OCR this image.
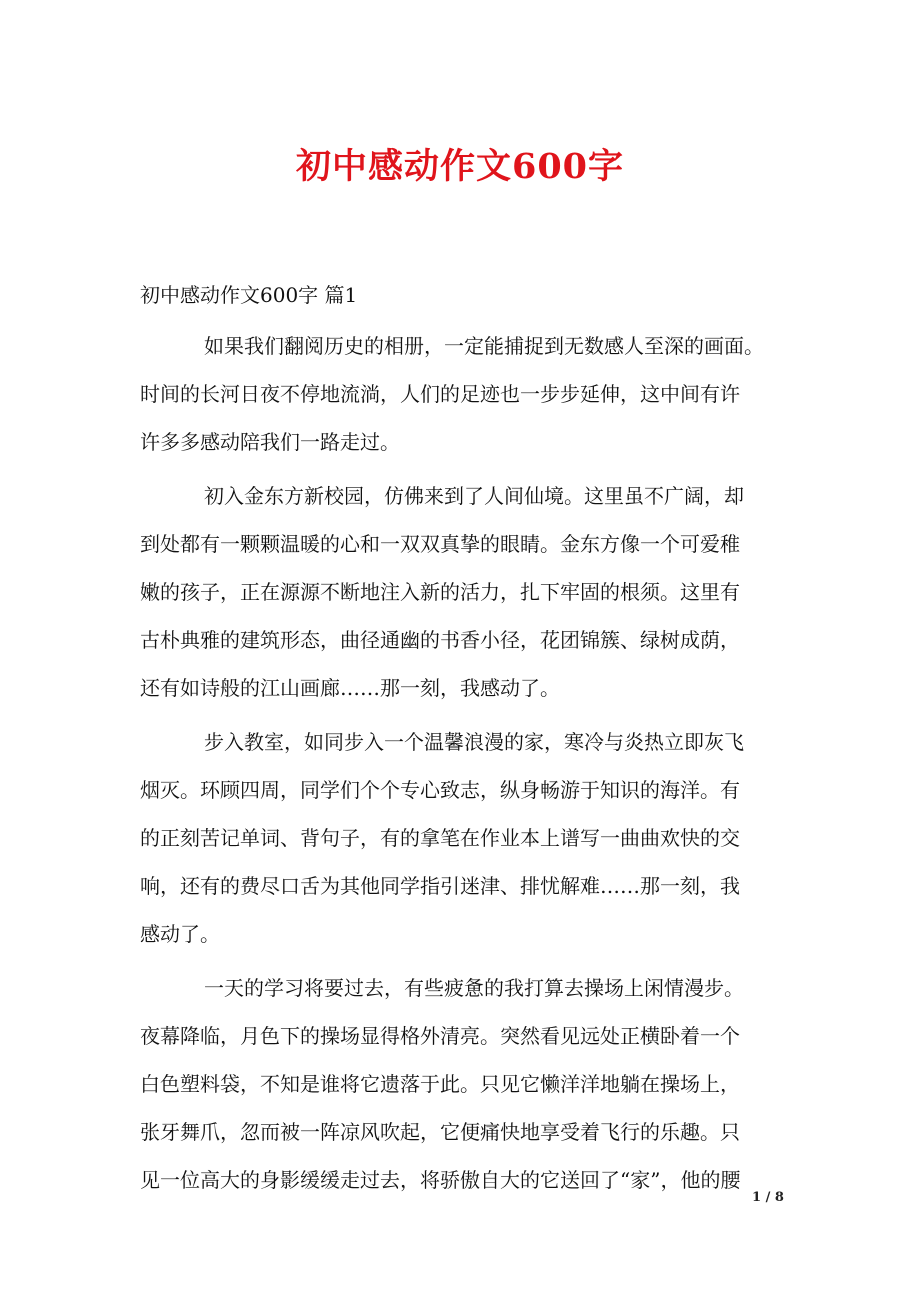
初中感动作文600字
初中感动作文600字 篇1
如果我们翻阅历史的相册，一定能捕捉到无数感人至深的画面。
时间的长河日夜不停地流淌，人们的足迹也一步步延伸，这中间有许
许多多感动陪我们一路走过。
初入金东方新校园，仿佛来到了人间仙境。这里虽不广阔，却
到处都有一颗颗温暖的心和一双双真挚的眼睛。金东方像一个可爱稚
嫩的孩子，正在源源不断地注入新的活力，扎下牢固的根须。这里有
古朴典雅的建筑形态，曲径通幽的书香小径，花团锦簇、绿树成荫，
还有如诗般的江山画廊……那一刻，我感动了。
步入教室，如同步入一个温馨浪漫的家，寒冷与炎热立即灰飞
烟灭。环顾四周，同学们个个专心致志，纵身畅游于知识的海洋。有
的正刻苦记单词、背句子，有的拿笔在作业本上谱写一曲曲欢快的交
响，还有的费尽口舌为其他同学指引迷津、排忧解难……那一刻，我
感动了。
一天的学习将要过去，有些疲惫的我打算去操场上闲情漫步。
夜幕降临，月色下的操场显得格外清亮。突然看见远处正横卧着一个
白色塑料袋，不知是谁将它遗落于此。只见它懒洋洋地躺在操场上，
张牙舞爪，忽而被一阵凉风吹起，它便痛快地享受着飞行的乐趣。只
见一位高大的身影缓缓走过去，将骄傲自大的它送回了“家”，他的腰
1 / 8
